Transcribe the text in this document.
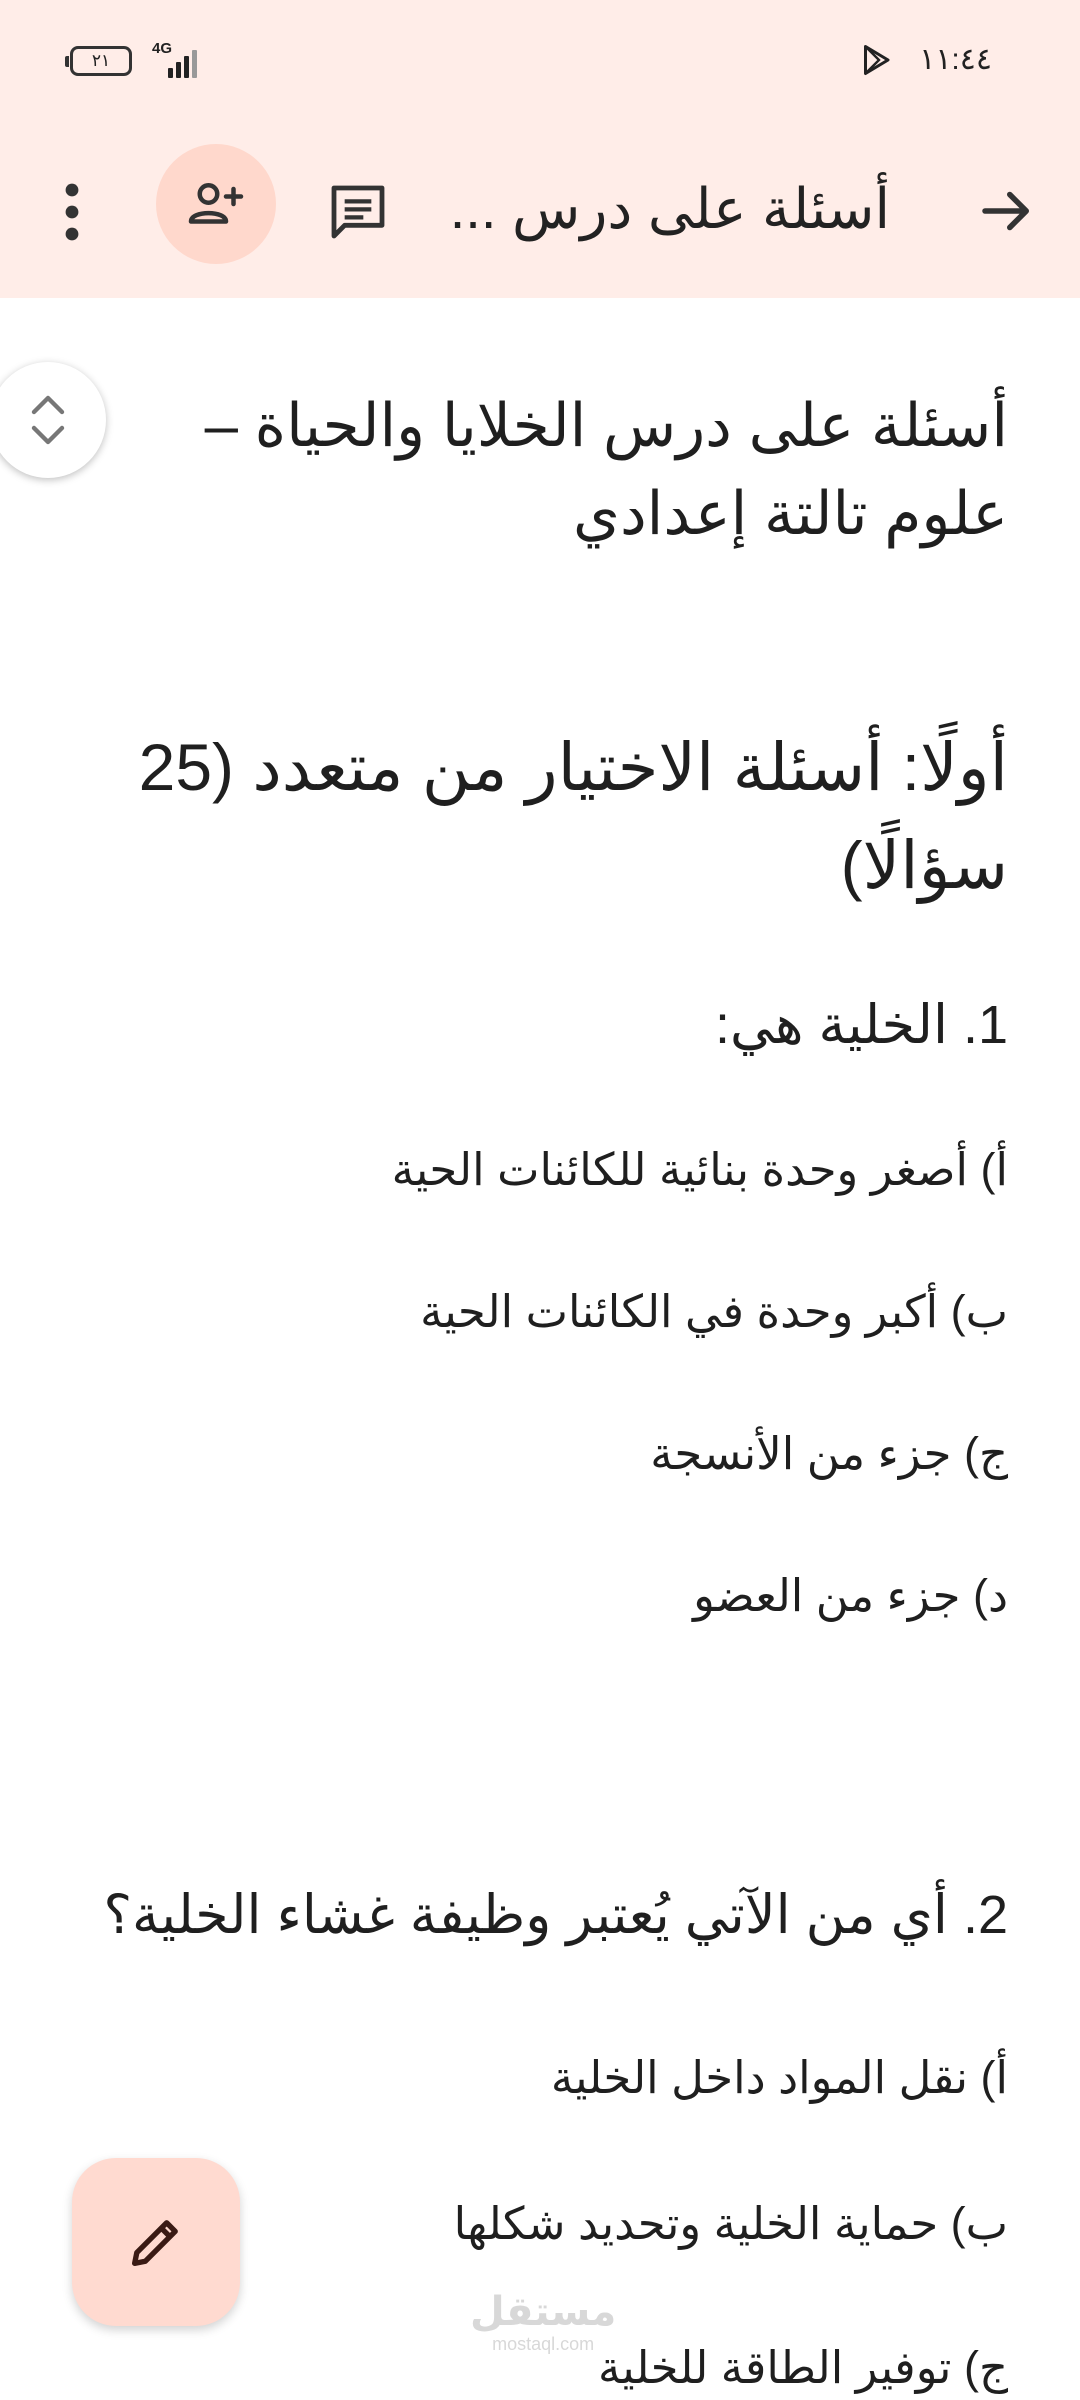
٢١
4G	١١:٤٤
أسئلة على درس ...

أسئلة على درس الخلايا والحياة – علوم تالتة إعدادي

أولًا: أسئلة الاختيار من متعدد (25 سؤالًا)

1. الخلية هي:

أ) أصغر وحدة بنائية للكائنات الحية

ب) أكبر وحدة في الكائنات الحية

ج) جزء من الأنسجة

د) جزء من العضو

2. أي من الآتي يُعتبر وظيفة غشاء الخلية؟

أ) نقل المواد داخل الخلية

ب) حماية الخلية وتحديد شكلها

ج) توفير الطاقة للخلية

مستقل
mostaql.com
